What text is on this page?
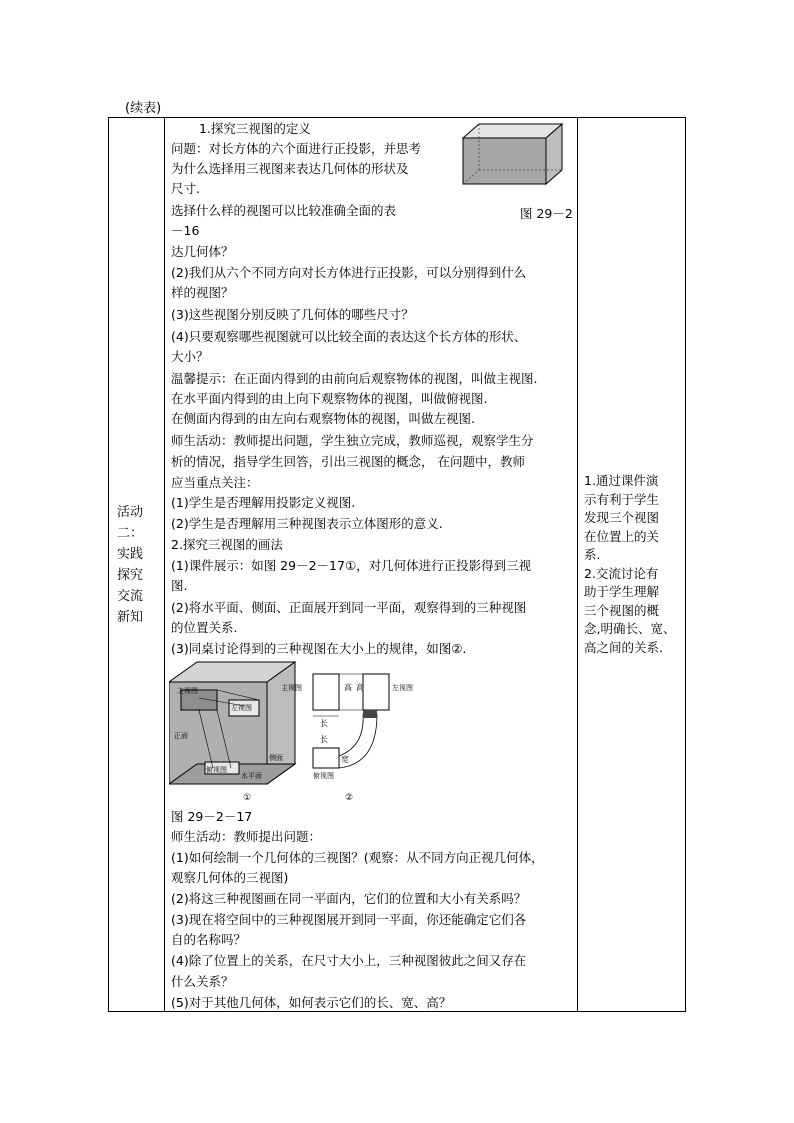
(续表)
活动
二：
实践
探究
交流
新知

1.探究三视图的定义
问题：对长方体的六个面进行正投影，并思考
为什么选择用三视图来表达几何体的形状及
尺寸.
选择什么样的视图可以比较准确全面的表	图 29－2
－16
达几何体？
(2)我们从六个不同方向对长方体进行正投影，可以分别得到什么
样的视图？
(3)这些视图分别反映了几何体的哪些尺寸？
(4)只要观察哪些视图就可以比较全面的表达这个长方体的形状、
大小？
温馨提示：在正面内得到的由前向后观察物体的视图，叫做主视图.
在水平面内得到的由上向下观察物体的视图，叫做俯视图.
在侧面内得到的由左向右观察物体的视图，叫做左视图.
师生活动：教师提出问题，学生独立完成，教师巡视，观察学生分
析的情况，指导学生回答，引出三视图的概念， 在问题中，教师
应当重点关注：
(1)学生是否理解用投影定义视图.
(2)学生是否理解用三种视图表示立体图形的意义.
2.探究三视图的画法
(1)课件展示：如图 29－2－17①，对几何体进行正投影得到三视
图.
(2)将水平面、侧面、正面展开到同一平面，观察得到的三种视图
的位置关系.
(3)同桌讨论得到的三种视图在大小上的规律，如图②.
图 29－2－17
师生活动：教师提出问题：
(1)如何绘制一个几何体的三视图？(观察：从不同方向正视几何体，
观察几何体的三视图)
(2)将这三种视图画在同一平面内，它们的位置和大小有关系吗？
(3)现在将空间中的三种视图展开到同一平面，你还能确定它们各
自的名称吗？
(4)除了位置上的关系，在尺寸大小上，三种视图彼此之间又存在
什么关系？
(5)对于其他几何体，如何表示它们的长、宽、高？
主视图
左视图
俯视图
正面
侧面
水平面
①
主视图	高 高	左视图
长
长
宽
俯视图
②

1.通过课件演
示有利于学生
发现三个视图
在位置上的关
系.
2.交流讨论有
助于学生理解
三个视图的概
念,明确长、宽、
高之间的关系.
